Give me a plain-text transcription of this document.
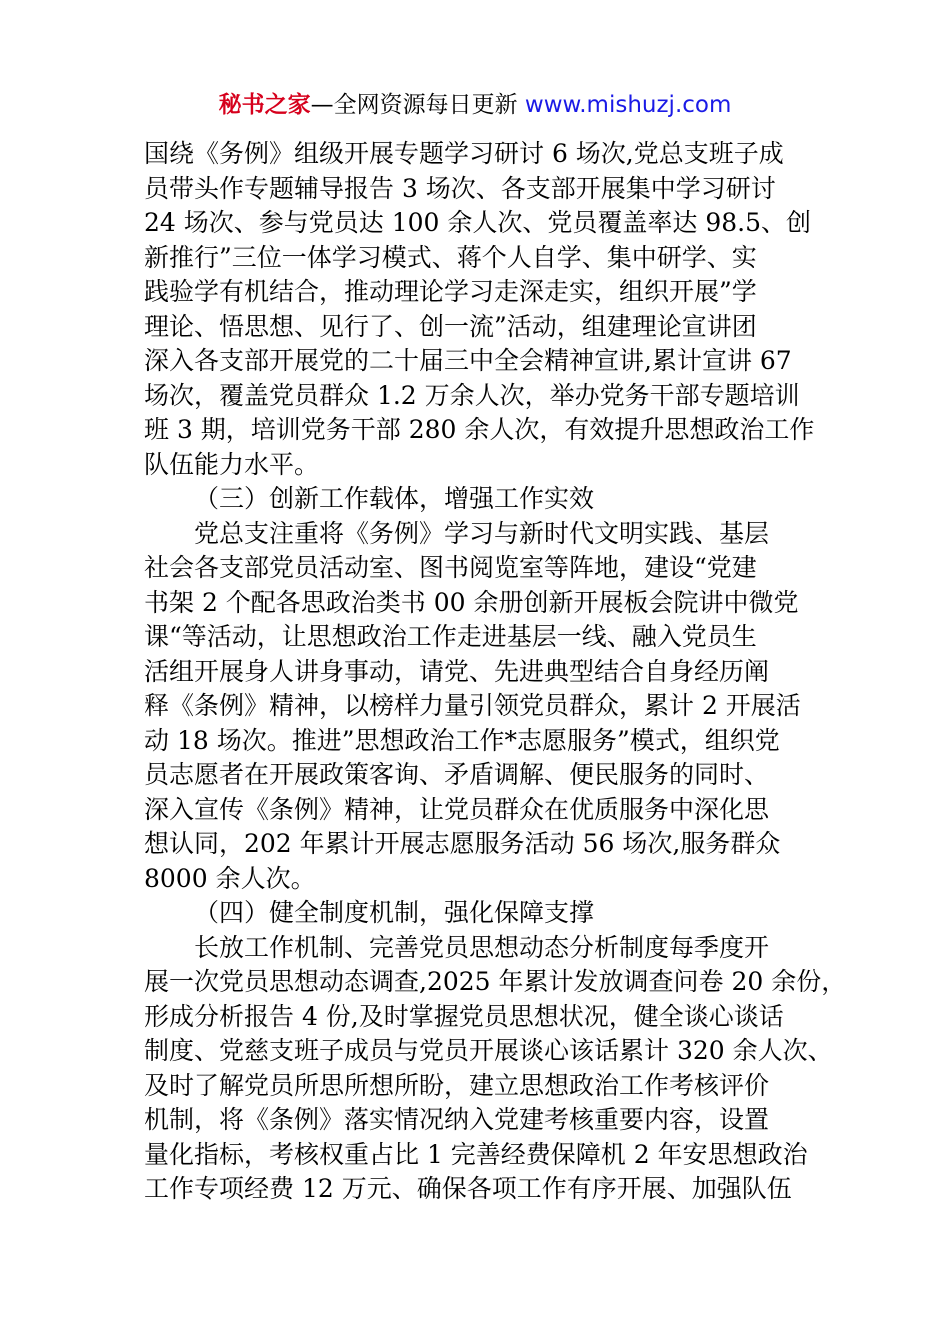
秘书之家—全网资源每日更新 www.mishuzj.com
国绕《务例》组级开展专题学习研讨 6 场次,党总支班子成
员带头作专题辅导报告 3 场次、各支部开展集中学习研讨
24 场次、参与党员达 100 余人次、党员覆盖率达 98.5、创
新推行”三位一体学习模式、蒋个人自学、集中研学、实
践验学有机结合，推动理论学习走深走实，组织开展”学
理论、悟思想、见行了、创一流”活动，组建理论宣讲团
深入各支部开展党的二十届三中全会精神宣讲,累计宣讲 67
场次，覆盖党员群众 1.2 万余人次，举办党务干部专题培训
班 3 期，培训党务干部 280 余人次，有效提升思想政治工作
队伍能力水平。
（三）创新工作载体，增强工作实效
党总支注重将《务例》学习与新时代文明实践、基层
社会各支部党员活动室、图书阅览室等阵地，建设“党建
书架 2 个配各思政治类书 00 余册创新开展板会院讲中微党
课“等活动，让思想政治工作走进基层一线、融入党员生
活组开展身人讲身事动，请党、先进典型结合自身经历阐
释《条例》精神，以榜样力量引领党员群众，累计 2 开展活
动 18 场次。推进”思想政治工作*志愿服务”模式，组织党
员志愿者在开展政策客询、矛盾调解、便民服务的同时、
深入宣传《条例》精神，让党员群众在优质服务中深化思
想认同，202 年累计开展志愿服务活动 56 场次,服务群众
8000 余人次。
（四）健全制度机制，强化保障支撑
长放工作机制、完善党员思想动态分析制度每季度开
展一次党员思想动态调查,2025 年累计发放调查问卷 20 余份，
形成分析报告 4 份,及时掌握党员思想状况，健全谈心谈话
制度、党慈支班子成员与党员开展谈心该话累计 320 余人次、
及时了解党员所思所想所盼，建立思想政治工作考核评价
机制，将《条例》落实情况纳入党建考核重要内容，设置
量化指标，考核权重占比 1 完善经费保障机 2 年安思想政治
工作专项经费 12 万元、确保各项工作有序开展、加强队伍
